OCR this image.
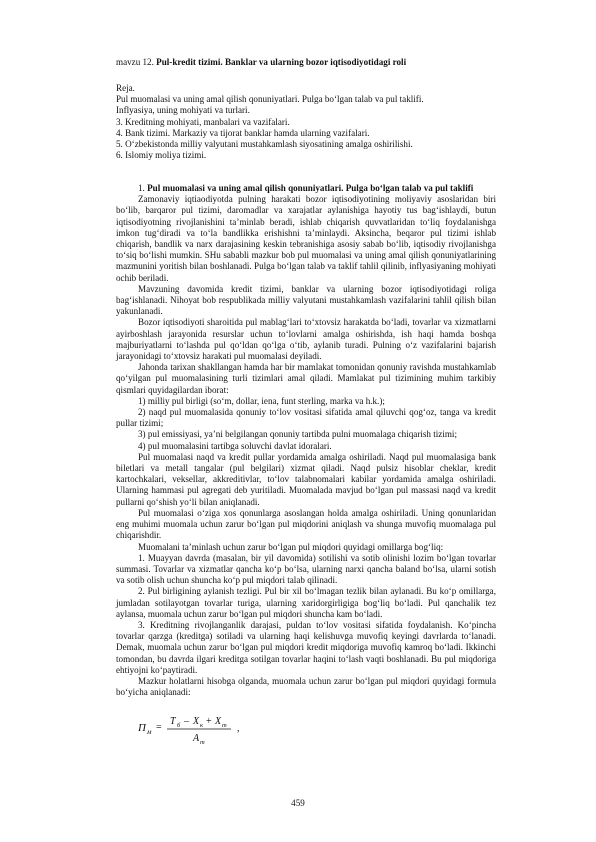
mavzu 12. Pul-kredit tizimi. Banklar va ularning bozor iqtisodiyotidagi roli
Reja.
Pul muomalasi va uning amal qilish qonuniyatlari. Pulga bo‘lgan talab va pul taklifi.
Inflyasiya, uning mohiyati va turlari.
3. Kreditning mohiyati, manbalari va vazifalari.
4. Bank tizimi. Markaziy va tijorat banklar hamda ularning vazifalari.
5. O‘zbekistonda milliy valyutani mustahkamlash siyosatining amalga oshirilishi.
6. Islomiy moliya tizimi.

1. Pul muomalasi va uning amal qilish qonuniyatlari. Pulga bo‘lgan talab va pul taklifi

Zamonaviy iqtiaodiyotda pulning harakati bozor iqtisodiyotining moliyaviy asoslaridan biri bo‘lib, barqaror pul tizimi, daromadlar va xarajatlar aylanishiga hayotiy tus bag‘ishlaydi, butun iqtisodiyotning rivojlanishini ta’minlab beradi, ishlab chiqarish quvvatlaridan to‘liq foydalanishga imkon tug‘diradi va to‘la bandlikka erishishni ta’minlaydi. Aksincha, beqaror pul tizimi ishlab chiqarish, bandlik va narx darajasining keskin tebranishiga asosiy sabab bo‘lib, iqtisodiy rivojlanishga to‘siq bo‘lishi mumkin. SHu sababli mazkur bob pul muomalasi va uning amal qilish qonuniyatlarining mazmunini yoritish bilan boshlanadi. Pulga bo‘lgan talab va taklif tahlil qilinib, inflyasiyaning mohiyati ochib beriladi.

Mavzuning davomida kredit tizimi, banklar va ularning bozor iqtisodiyotidagi roliga bag‘ishlanadi. Nihoyat bob respublikada milliy valyutani mustahkamlash vazifalarini tahlil qilish bilan yakunlanadi.

Bozor iqtisodiyoti sharoitida pul mablag‘lari to‘xtovsiz harakatda bo‘ladi, tovarlar va xizmatlarni ayirboshlash jarayonida resurslar uchun to‘lovlarni amalga oshirishda, ish haqi hamda boshqa majburiyatlarni to‘lashda pul qo‘ldan qo‘lga o‘tib, aylanib turadi. Pulning o‘z vazifalarini bajarish jarayonidagi to‘xtovsiz harakati pul muomalasi deyiladi.

Jahonda tarixan shakllangan hamda har bir mamlakat tomonidan qonuniy ravishda mustahkamlab qo‘yilgan pul muomalasining turli tizimlari amal qiladi. Mamlakat pul tizimining muhim tarkibiy qismlari quyidagilardan iborat:

1) milliy pul birligi (so‘m, dollar, iena, funt sterling, marka va h.k.);

2) naqd pul muomalasida qonuniy to‘lov vositasi sifatida amal qiluvchi qog‘oz, tanga va kredit pullar tizimi;

3) pul emissiyasi, ya’ni belgilangan qonuniy tartibda pulni muomalaga chiqarish tizimi;

4) pul muomalasini tartibga soluvchi davlat idoralari.

Pul muomalasi naqd va kredit pullar yordamida amalga oshiriladi. Naqd pul muomalasiga bank biletlari va metall tangalar (pul belgilari) xizmat qiladi. Naqd pulsiz hisoblar cheklar, kredit kartochkalari, veksellar, akkreditivlar, to‘lov talabnomalari kabilar yordamida amalga oshiriladi. Ularning hammasi pul agregati deb yuritiladi. Muomalada mavjud bo‘lgan pul massasi naqd va kredit pullarni qo‘shish yo‘li bilan aniqlanadi.

Pul muomalasi o‘ziga xos qonunlarga asoslangan holda amalga oshiriladi. Uning qonunlaridan eng muhimi muomala uchun zarur bo‘lgan pul miqdorini aniqlash va shunga muvofiq muomalaga pul chiqarishdir.

Muomalani ta’minlash uchun zarur bo‘lgan pul miqdori quyidagi omillarga bog‘liq:

1. Muayyan davrda (masalan, bir yil davomida) sotilishi va sotib olinishi lozim bo‘lgan tovarlar summasi. Tovarlar va xizmatlar qancha ko‘p bo‘lsa, ularning narxi qancha baland bo‘lsa, ularni sotish va sotib olish uchun shuncha ko‘p pul miqdori talab qilinadi.

2. Pul birligining aylanish tezligi. Pul bir xil bo‘lmagan tezlik bilan aylanadi. Bu ko‘p omillarga, jumladan sotilayotgan tovarlar turiga, ularning xaridorgirligiga bog‘liq bo‘ladi. Pul qanchalik tez aylansa, muomala uchun zarur bo‘lgan pul miqdori shuncha kam bo‘ladi.

3. Kreditning rivojlanganlik darajasi, puldan to‘lov vositasi sifatida foydalanish. Ko‘pincha tovarlar qarzga (kreditga) sotiladi va ularning haqi kelishuvga muvofiq keyingi davrlarda to‘lanadi. Demak, muomala uchun zarur bo‘lgan pul miqdori kredit miqdoriga muvofiq kamroq bo‘ladi. Ikkinchi tomondan, bu davrda ilgari kreditga sotilgan tovarlar haqini to‘lash vaqti boshlanadi. Bu pul miqdoriga ehtiyojni ko‘paytiradi.

Mazkur holatlarni hisobga olganda, muomala uchun zarur bo‘lgan pul miqdori quyidagi formula bo‘yicha aniqlanadi:

П м =
T б – X к + X т
A т
,
459
